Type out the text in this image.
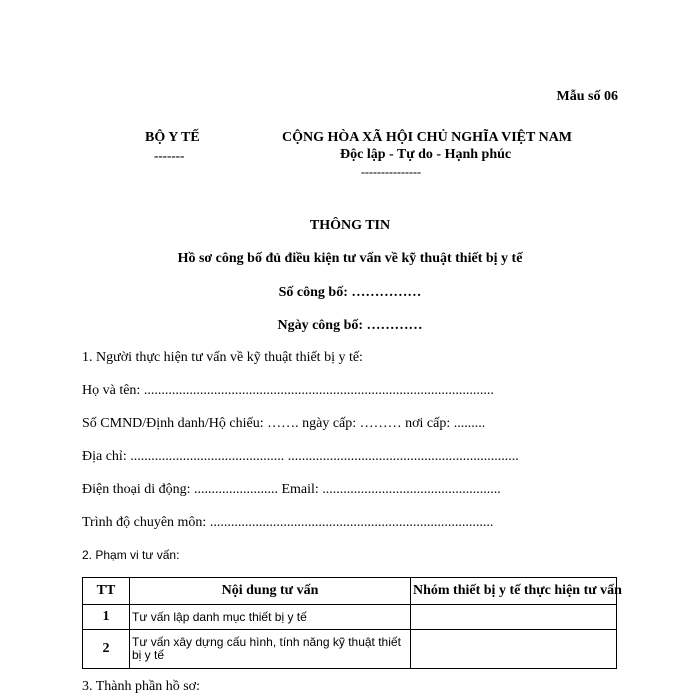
Mẫu số 06
BỘ Y TẾ
-------
CỘNG HÒA XÃ HỘI CHỦ NGHĨA VIỆT NAM
Độc lập - Tự do - Hạnh phúc
---------------
THÔNG TIN
Hồ sơ công bố đủ điều kiện tư vấn về kỹ thuật thiết bị y tế
Số công bố: ……………
Ngày công bố: …………
1. Người thực hiện tư vấn về kỹ thuật thiết bị y tế:
Họ và tên: ....................................................................................................
Số CMND/Định danh/Hộ chiếu: ……. ngày cấp: ……… nơi cấp: .........
Địa chỉ: ............................................ ..................................................................
Điện thoại di động: ........................ Email: ...................................................
Trình độ chuyên môn: .................................................................................
2. Phạm vi tư vấn:
TT	Nội dung tư vấn	Nhóm thiết bị y tế thực hiện tư vấn
1	Tư vấn lập danh mục thiết bị y tế	
2	Tư vấn xây dựng cấu hình, tính năng kỹ thuật thiết bị y tế	
3. Thành phần hồ sơ:
